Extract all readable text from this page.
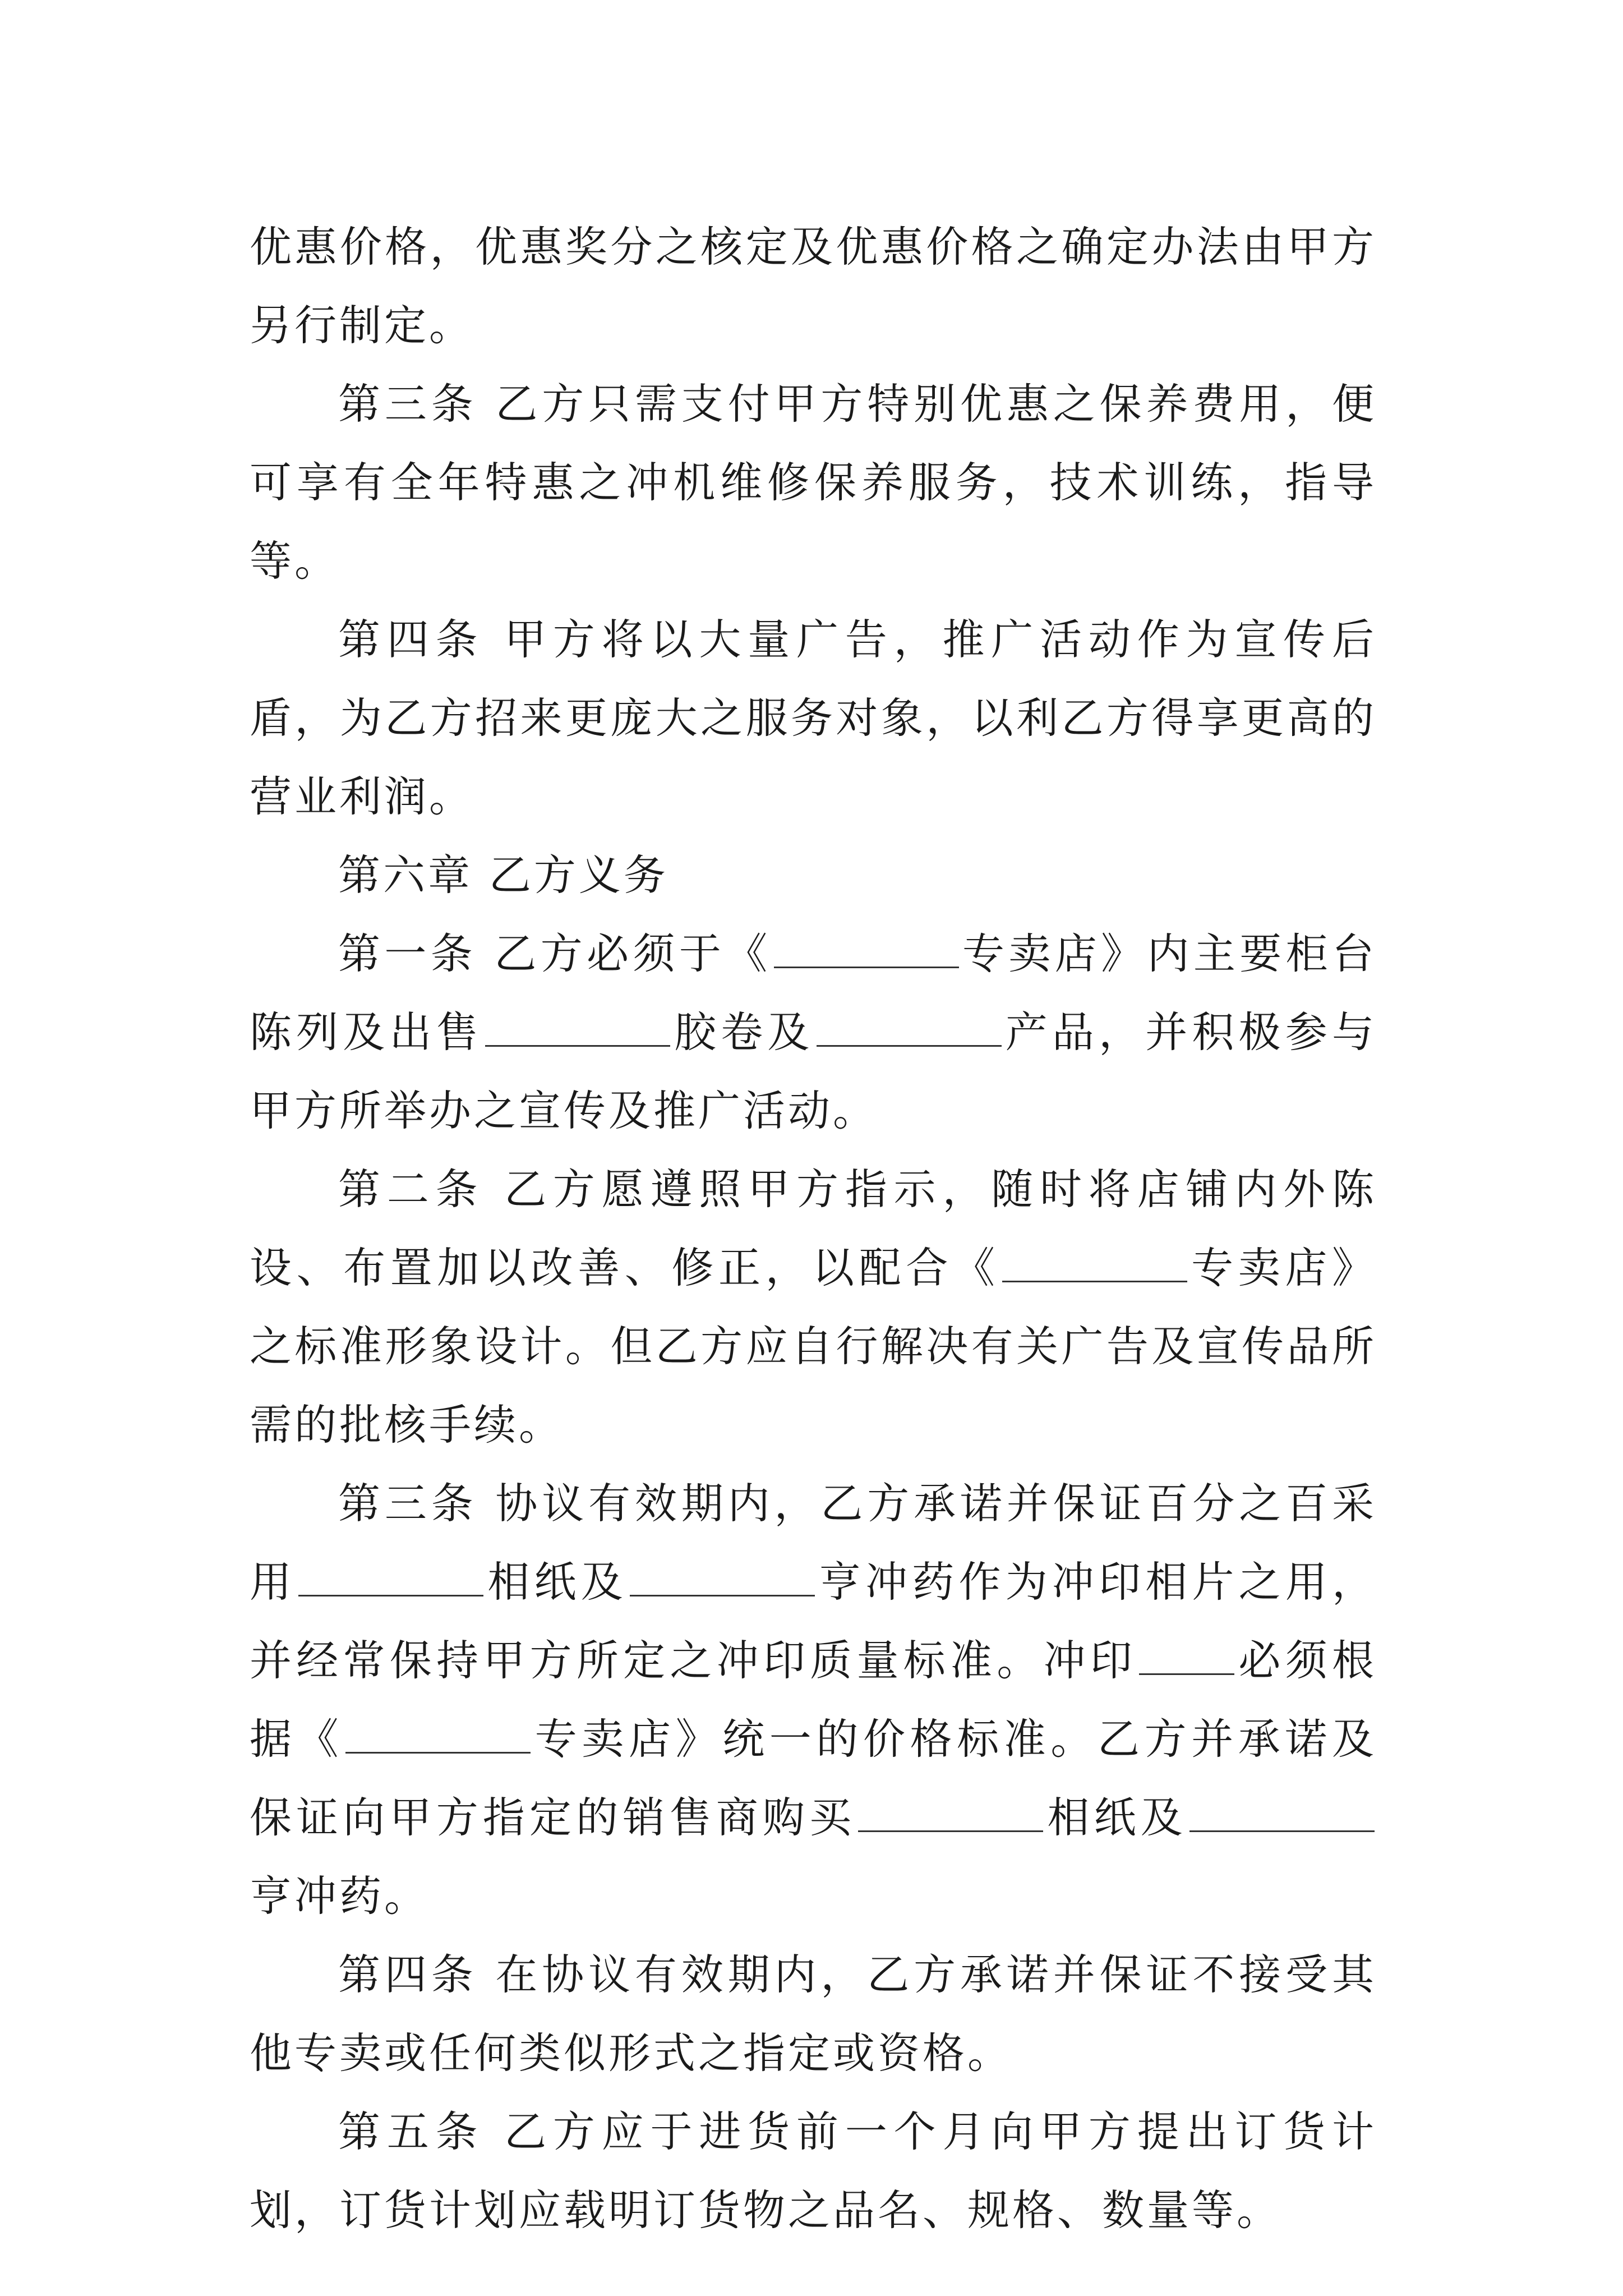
优惠价格，优惠奖分之核定及优惠价格之确定办法由甲方另行制定。

第三条 乙方只需支付甲方特别优惠之保养费用，便可享有全年特惠之冲机维修保养服务，技术训练，指导等。

第四条 甲方将以大量广告，推广活动作为宣传后盾，为乙方招来更庞大之服务对象，以利乙方得享更高的营业利润。

第六章 乙方义务

第一条 乙方必须于《	专卖店》内主要柜台陈列及出售	胶卷及	产品，并积极参与甲方所举办之宣传及推广活动。

第二条 乙方愿遵照甲方指示，随时将店铺内外陈设、布置加以改善、修正，以配合《	专卖店》之标准形象设计。但乙方应自行解决有关广告及宣传品所需的批核手续。

第三条 协议有效期内，乙方承诺并保证百分之百采用	相纸及	亨冲药作为冲印相片之用，并经常保持甲方所定之冲印质量标准。冲印 必须根据《	专卖店》统一的价格标准。乙方并承诺及保证向甲方指定的销售商购买	相纸及亨冲药。

第四条 在协议有效期内，乙方承诺并保证不接受其他专卖或任何类似形式之指定或资格。

第五条 乙方应于进货前一个月向甲方提出订货计划，订货计划应载明订货物之品名、规格、数量等。
